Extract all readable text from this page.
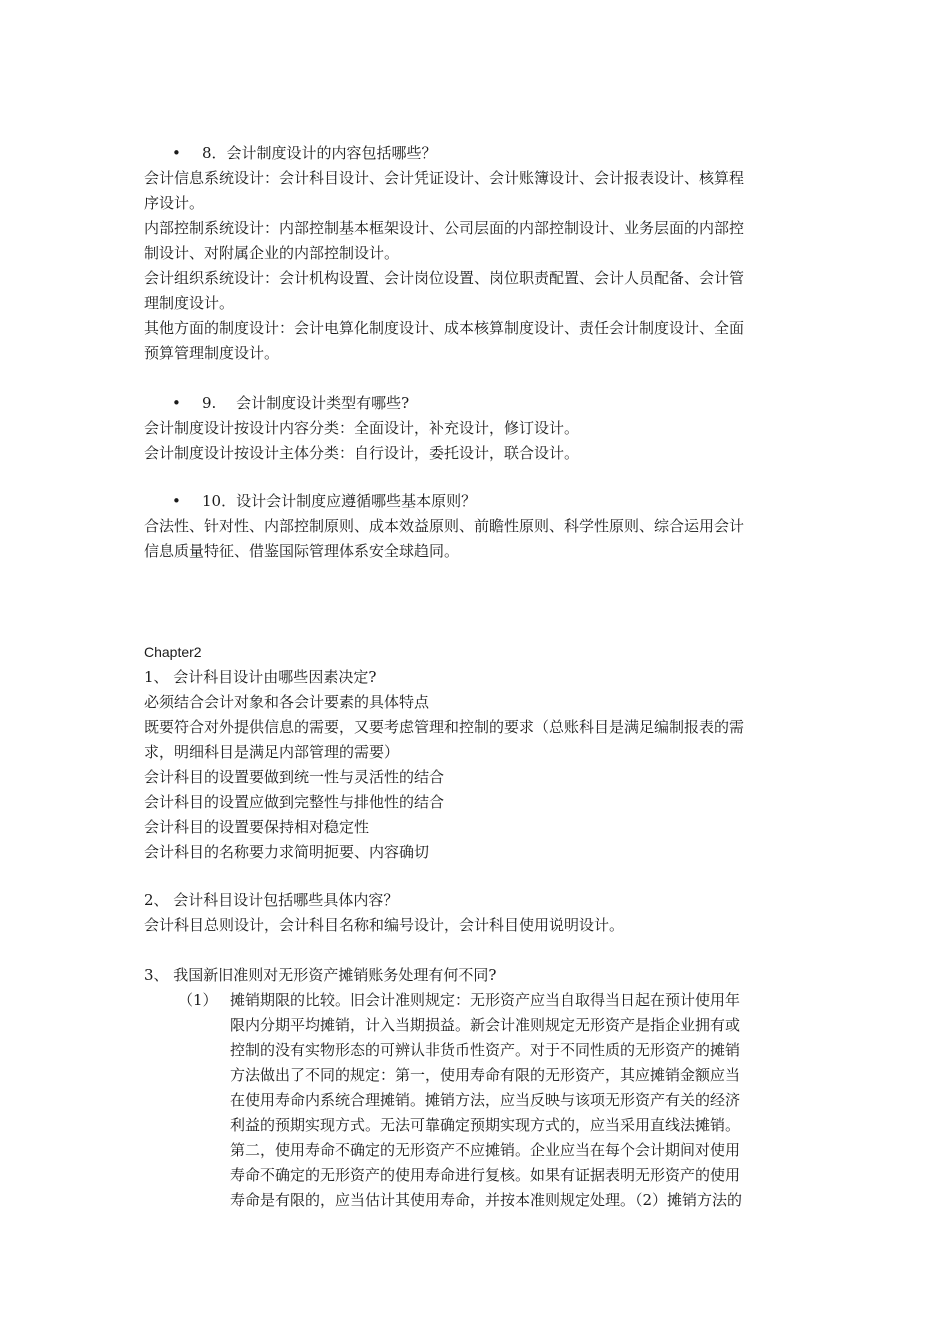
• 8．会计制度设计的内容包括哪些？
会计信息系统设计：会计科目设计、会计凭证设计、会计账簿设计、会计报表设计、核算程
序设计。
内部控制系统设计：内部控制基本框架设计、公司层面的内部控制设计、业务层面的内部控
制设计、对附属企业的内部控制设计。
会计组织系统设计：会计机构设置、会计岗位设置、岗位职责配置、会计人员配备、会计管
理制度设计。
其他方面的制度设计：会计电算化制度设计、成本核算制度设计、责任会计制度设计、全面
预算管理制度设计。
• 9.　 会计制度设计类型有哪些?
会计制度设计按设计内容分类：全面设计，补充设计，修订设计。
会计制度设计按设计主体分类：自行设计，委托设计，联合设计。
• 10．设计会计制度应遵循哪些基本原则？
合法性、针对性、内部控制原则、成本效益原则、前瞻性原则、科学性原则、综合运用会计
信息质量特征、借鉴国际管理体系安全球趋同。
Chapter2
1、 会计科目设计由哪些因素决定?
必须结合会计对象和各会计要素的具体特点
既要符合对外提供信息的需要，又要考虑管理和控制的要求（总账科目是满足编制报表的需
求，明细科目是满足内部管理的需要）
会计科目的设置要做到统一性与灵活性的结合
会计科目的设置应做到完整性与排他性的结合
会计科目的设置要保持相对稳定性
会计科目的名称要力求简明扼要、内容确切
2、 会计科目设计包括哪些具体内容？
会计科目总则设计，会计科目名称和编号设计，会计科目使用说明设计。
3、 我国新旧准则对无形资产摊销账务处理有何不同?
（1） 摊销期限的比较。旧会计准则规定：无形资产应当自取得当日起在预计使用年
限内分期平均摊销，计入当期损益。新会计准则规定无形资产是指企业拥有或
控制的没有实物形态的可辨认非货币性资产。对于不同性质的无形资产的摊销
方法做出了不同的规定：第一，使用寿命有限的无形资产，其应摊销金额应当
在使用寿命内系统合理摊销。摊销方法，应当反映与该项无形资产有关的经济
利益的预期实现方式。无法可靠确定预期实现方式的，应当采用直线法摊销。
第二，使用寿命不确定的无形资产不应摊销。企业应当在每个会计期间对使用
寿命不确定的无形资产的使用寿命进行复核。如果有证据表明无形资产的使用
寿命是有限的，应当估计其使用寿命，并按本准则规定处理。（2）摊销方法的
